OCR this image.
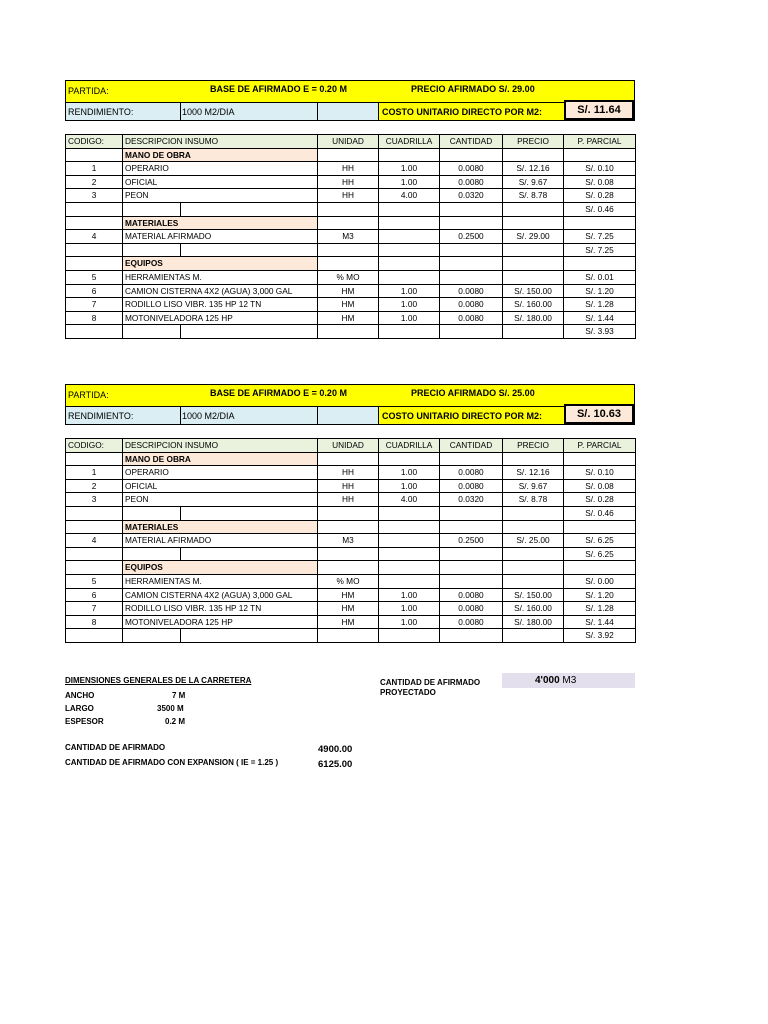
PARTIDA:	BASE DE AFIRMADO E = 0.20 M	PRECIO AFIRMADO S/. 29.00
RENDIMIENTO:	1000 M2/DIA	COSTO UNITARIO DIRECTO POR M2:	S/. 11.64
CODIGO:	DESCRIPCION INSUMO		UNIDAD	CUADRILLA	CANTIDAD	PRECIO	P. PARCIAL
	MANO DE OBRA						
1	OPERARIO		HH	1.00	0.0080	S/. 12.16	S/. 0.10
2	OFICIAL		HH	1.00	0.0080	S/. 9.67	S/. 0.08
3	PEON		HH	4.00	0.0320	S/. 8.78	S/. 0.28
							S/. 0.46
	MATERIALES						
4	MATERIAL AFIRMADO		M3		0.2500	S/. 29.00	S/. 7.25
							S/. 7.25
	EQUIPOS						
5	HERRAMIENTAS M.		% MO				S/. 0.01
6	CAMION CISTERNA 4X2 (AGUA) 3,000 GAL		HM	1.00	0.0080	S/. 150.00	S/. 1.20
7	RODILLO LISO VIBR. 135 HP 12 TN		HM	1.00	0.0080	S/. 160.00	S/. 1.28
8	MOTONIVELADORA 125 HP		HM	1.00	0.0080	S/. 180.00	S/. 1.44
							S/. 3.93
PARTIDA:	BASE DE AFIRMADO E = 0.20 M	PRECIO AFIRMADO S/. 25.00
RENDIMIENTO:	1000 M2/DIA	COSTO UNITARIO DIRECTO POR M2:	S/. 10.63
CODIGO:	DESCRIPCION INSUMO		UNIDAD	CUADRILLA	CANTIDAD	PRECIO	P. PARCIAL
	MANO DE OBRA						
1	OPERARIO		HH	1.00	0.0080	S/. 12.16	S/. 0.10
2	OFICIAL		HH	1.00	0.0080	S/. 9.67	S/. 0.08
3	PEON		HH	4.00	0.0320	S/. 8.78	S/. 0.28
							S/. 0.46
	MATERIALES						
4	MATERIAL AFIRMADO		M3		0.2500	S/. 25.00	S/. 6.25
							S/. 6.25
	EQUIPOS						
5	HERRAMIENTAS M.		% MO				S/. 0.00
6	CAMION CISTERNA 4X2 (AGUA) 3,000 GAL		HM	1.00	0.0080	S/. 150.00	S/. 1.20
7	RODILLO LISO VIBR. 135 HP 12 TN		HM	1.00	0.0080	S/. 160.00	S/. 1.28
8	MOTONIVELADORA 125 HP		HM	1.00	0.0080	S/. 180.00	S/. 1.44
							S/. 3.92
DIMENSIONES GENERALES DE LA CARRETERA
ANCHO	7 M
LARGO	3500 M
ESPESOR	0.2 M
CANTIDAD DE AFIRMADO
PROYECTADO
4'000 M3
CANTIDAD DE AFIRMADO	4900.00
CANTIDAD DE AFIRMADO CON EXPANSION ( IE = 1.25 )	6125.00
